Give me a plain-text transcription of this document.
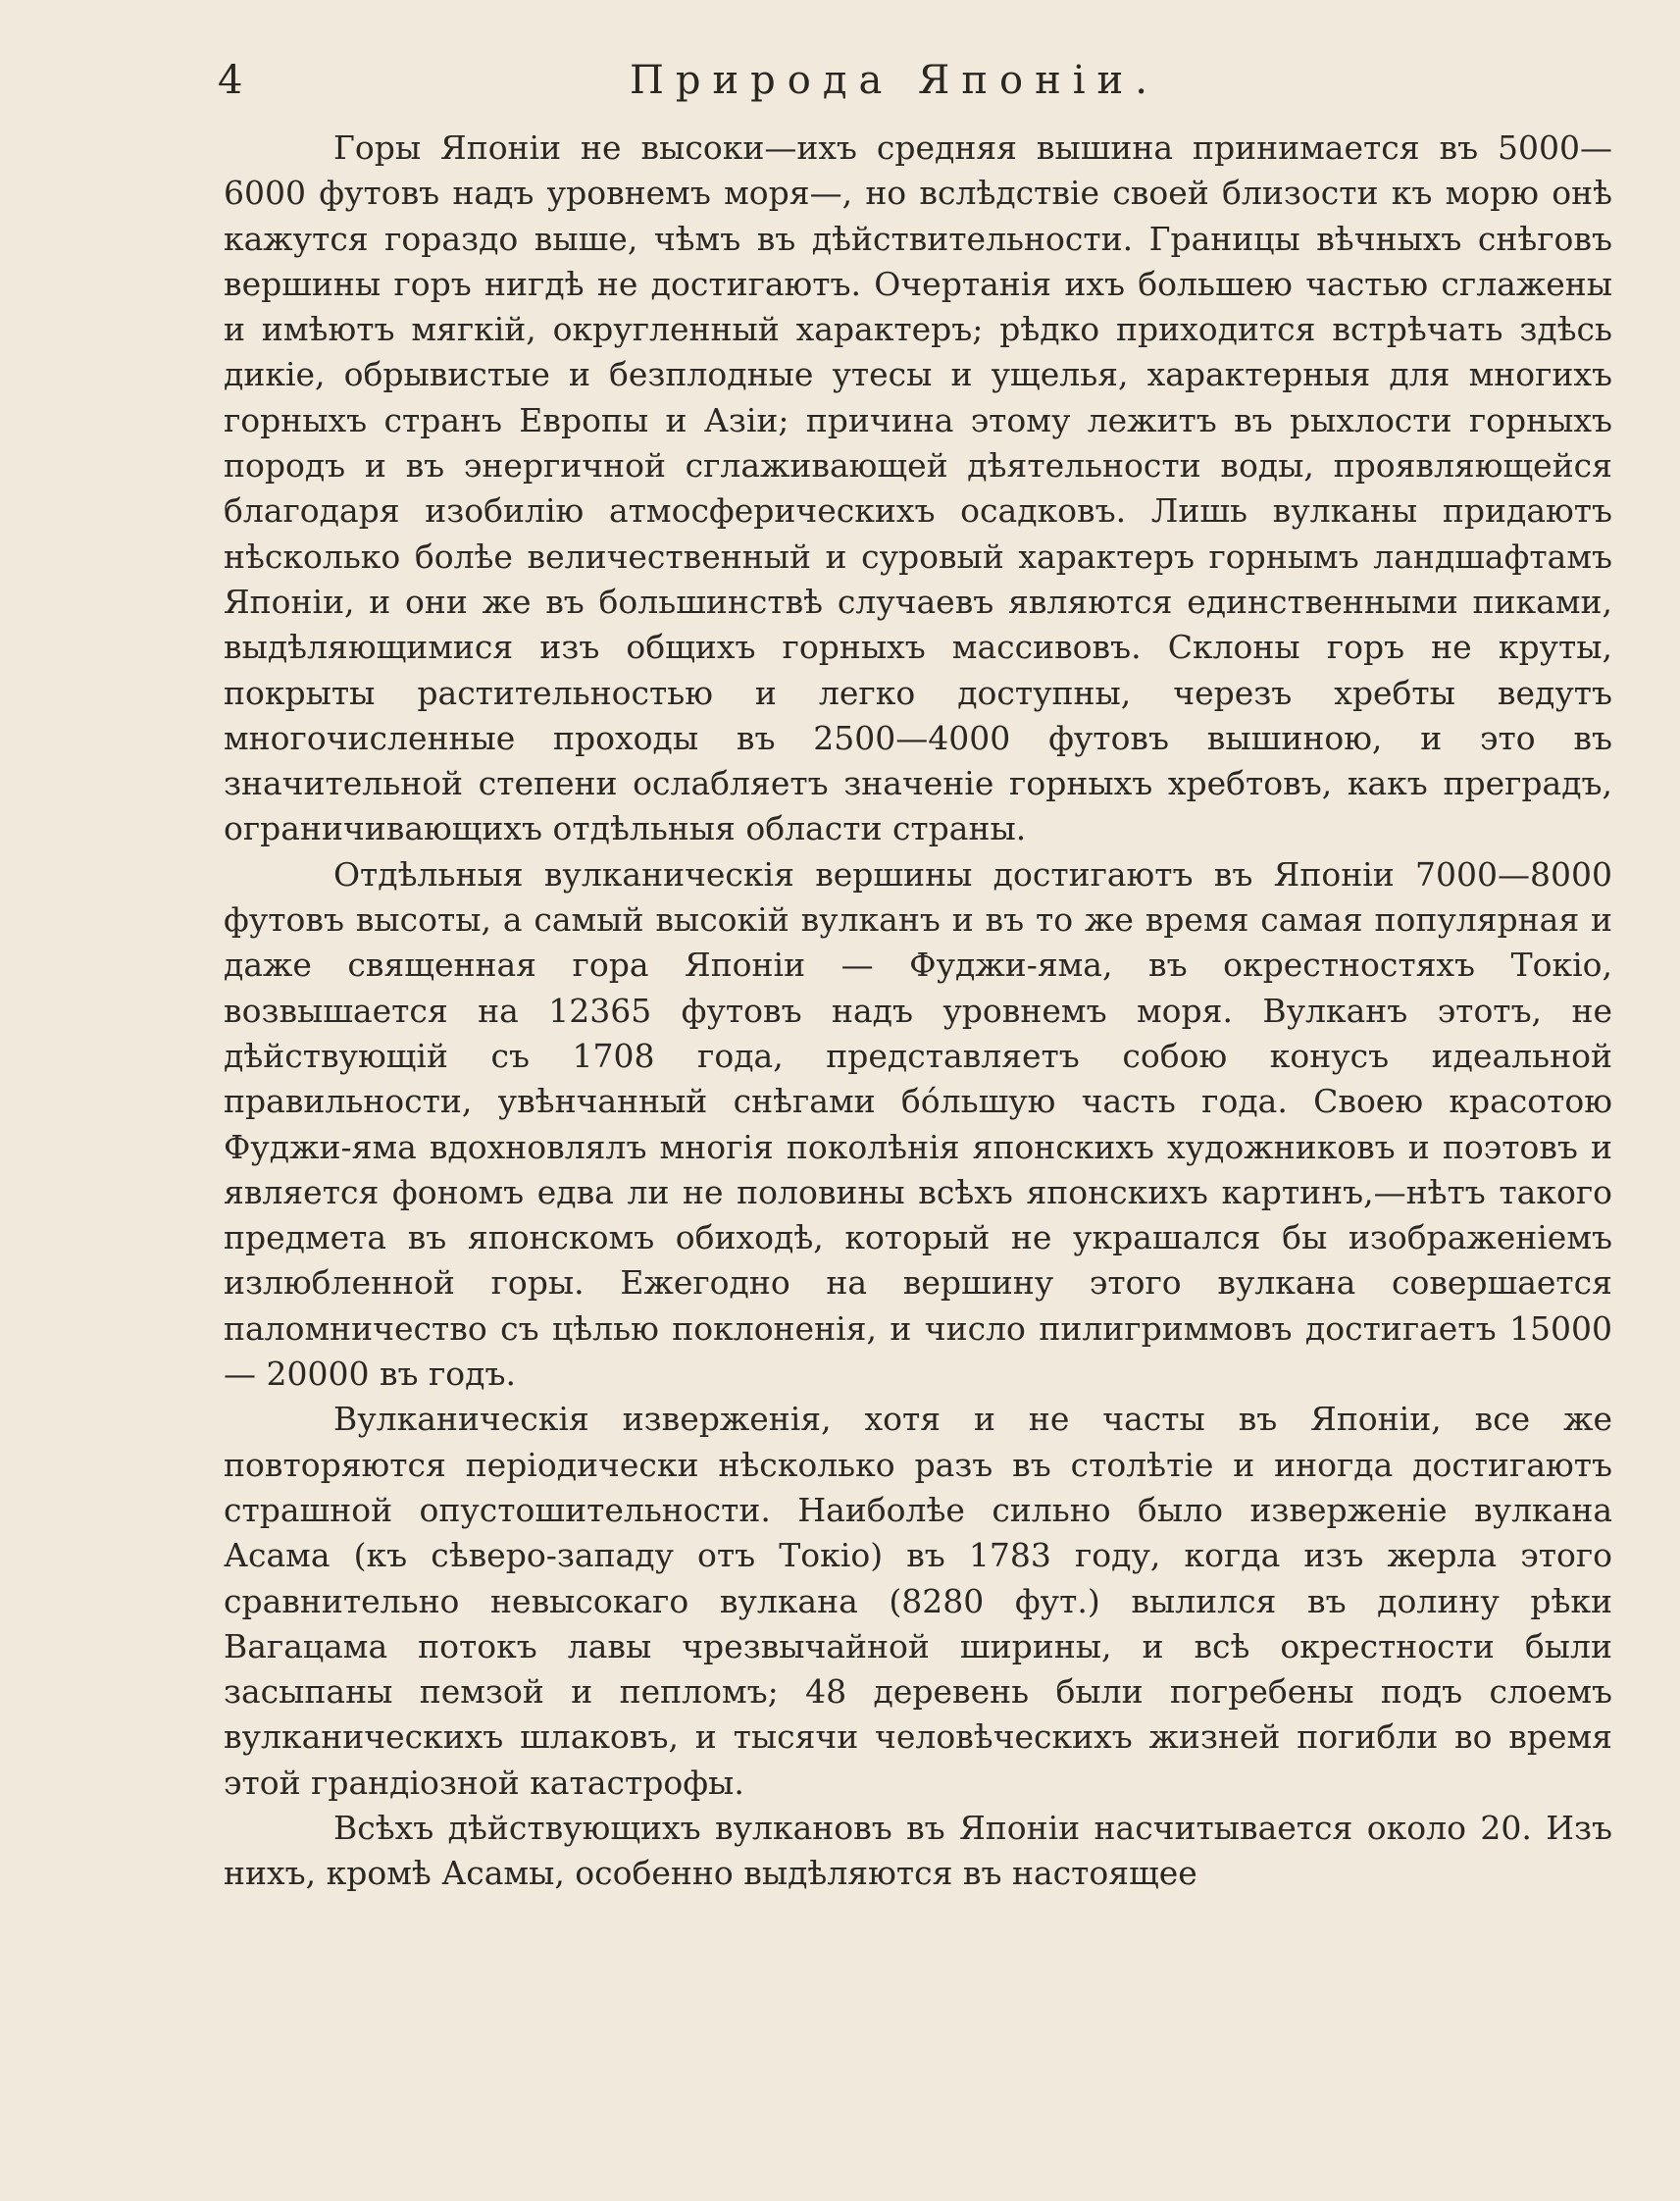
4	Природа Японіи.

Горы Японіи не высоки—ихъ средняя вышина принимается въ 5000—6000 футовъ надъ уровнемъ моря—, но вслѣдствіе своей близости къ морю онѣ кажутся гораздо выше, чѣмъ въ дѣйствительности. Границы вѣчныхъ снѣговъ вершины горъ нигдѣ не достигаютъ. Очертанія ихъ большею частью сглажены и имѣютъ мягкій, округленный характеръ; рѣдко приходится встрѣчать здѣсь дикіе, обрывистые и безплодные утесы и ущелья, характерныя для многихъ горныхъ странъ Европы и Азіи; причина этому лежитъ въ рыхлости горныхъ породъ и въ энергичной сглаживающей дѣятельности воды, проявляющейся благодаря изобилію атмосферическихъ осадковъ. Лишь вулканы придаютъ нѣсколько болѣе величественный и суровый характеръ горнымъ ландшафтамъ Японіи, и они же въ большинствѣ случаевъ являются единственными пиками, выдѣляющимися изъ общихъ горныхъ массивовъ. Склоны горъ не круты, покрыты растительностью и легко доступны, черезъ хребты ведутъ многочисленные проходы въ 2500—4000 футовъ вышиною, и это въ значительной степени ослабляетъ значеніе горныхъ хребтовъ, какъ преградъ, ограничивающихъ отдѣльныя области страны.

Отдѣльныя вулканическія вершины достигаютъ въ Японіи 7000—8000 футовъ высоты, а самый высокій вулканъ и въ то же время самая популярная и даже священная гора Японіи — Фуджи-яма, въ окрестностяхъ Токіо, возвышается на 12365 футовъ надъ уровнемъ моря. Вулканъ этотъ, не дѣйствующій съ 1708 года, представляетъ собою конусъ идеальной правильности, увѣнчанный снѣгами бóльшую часть года. Своею красотою Фуджи-яма вдохновлялъ многія поколѣнія японскихъ художниковъ и поэтовъ и является фономъ едва ли не половины всѣхъ японскихъ картинъ,—нѣтъ такого предмета въ японскомъ обиходѣ, который не украшался бы изображеніемъ излюбленной горы. Ежегодно на вершину этого вулкана совершается паломничество съ цѣлью поклоненія, и число пилигриммовъ достигаетъ 15000 — 20000 въ годъ.

Вулканическія изверженія, хотя и не часты въ Японіи, все же повторяются періодически нѣсколько разъ въ столѣтіе и иногда достигаютъ страшной опустошительности. Наиболѣе сильно было изверженіе вулкана Асама (къ сѣверо-западу отъ Токіо) въ 1783 году, когда изъ жерла этого сравнительно невысокаго вулкана (8280 фут.) вылился въ долину рѣки Вагацама потокъ лавы чрезвычайной ширины, и всѣ окрестности были засыпаны пемзой и пепломъ; 48 деревень были погребены подъ слоемъ вулканическихъ шлаковъ, и тысячи человѣческихъ жизней погибли во время этой грандіозной катастрофы.

Всѣхъ дѣйствующихъ вулкановъ въ Японіи насчитывается около 20. Изъ нихъ, кромѣ Асамы, особенно выдѣляются въ настоящее
